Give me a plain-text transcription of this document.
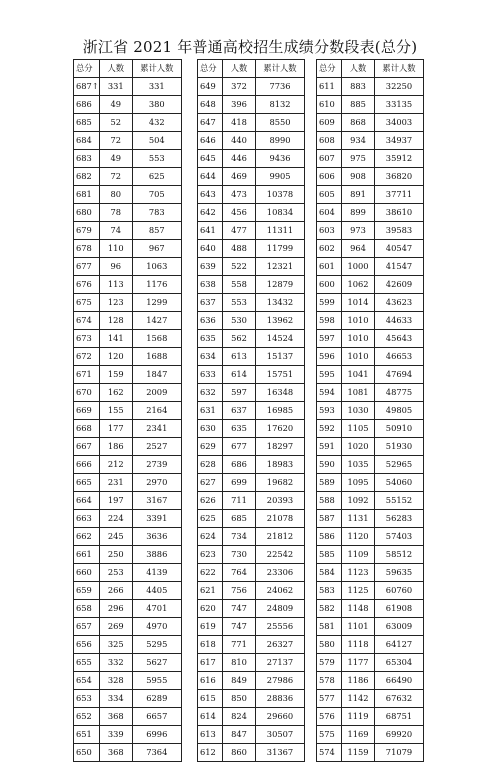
浙江省 2021 年普通高校招生成绩分数段表(总分)
总分	人数	累计人数
687↑	331	331
686	49	380
685	52	432
684	72	504
683	49	553
682	72	625
681	80	705
680	78	783
679	74	857
678	110	967
677	96	1063
676	113	1176
675	123	1299
674	128	1427
673	141	1568
672	120	1688
671	159	1847
670	162	2009
669	155	2164
668	177	2341
667	186	2527
666	212	2739
665	231	2970
664	197	3167
663	224	3391
662	245	3636
661	250	3886
660	253	4139
659	266	4405
658	296	4701
657	269	4970
656	325	5295
655	332	5627
654	328	5955
653	334	6289
652	368	6657
651	339	6996
650	368	7364
总分	人数	累计人数
649	372	7736
648	396	8132
647	418	8550
646	440	8990
645	446	9436
644	469	9905
643	473	10378
642	456	10834
641	477	11311
640	488	11799
639	522	12321
638	558	12879
637	553	13432
636	530	13962
635	562	14524
634	613	15137
633	614	15751
632	597	16348
631	637	16985
630	635	17620
629	677	18297
628	686	18983
627	699	19682
626	711	20393
625	685	21078
624	734	21812
623	730	22542
622	764	23306
621	756	24062
620	747	24809
619	747	25556
618	771	26327
617	810	27137
616	849	27986
615	850	28836
614	824	29660
613	847	30507
612	860	31367
总分	人数	累计人数
611	883	32250
610	885	33135
609	868	34003
608	934	34937
607	975	35912
606	908	36820
605	891	37711
604	899	38610
603	973	39583
602	964	40547
601	1000	41547
600	1062	42609
599	1014	43623
598	1010	44633
597	1010	45643
596	1010	46653
595	1041	47694
594	1081	48775
593	1030	49805
592	1105	50910
591	1020	51930
590	1035	52965
589	1095	54060
588	1092	55152
587	1131	56283
586	1120	57403
585	1109	58512
584	1123	59635
583	1125	60760
582	1148	61908
581	1101	63009
580	1118	64127
579	1177	65304
578	1186	66490
577	1142	67632
576	1119	68751
575	1169	69920
574	1159	71079
